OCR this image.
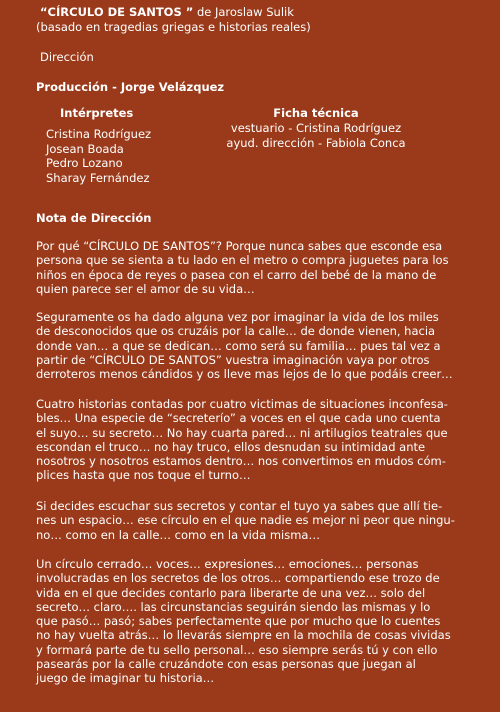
“CÍRCULO DE SANTOS ” de Jaroslaw Sulik
(basado en tragedias griegas e historias reales)
Dirección
Producción - Jorge Velázquez
Intérpretes
Cristina Rodríguez
Josean Boada
Pedro Lozano
Sharay Fernández
Ficha técnica
vestuario - Cristina Rodríguez
ayud. dirección - Fabiola Conca
Nota de Dirección
Por qué “CÍRCULO DE SANTOS”? Porque nunca sabes que esconde esa
persona que se sienta a tu lado en el metro o compra juguetes para los
niños en época de reyes o pasea con el carro del bebé de la mano de
quien parece ser el amor de su vida…
Seguramente os ha dado alguna vez por imaginar la vida de los miles
de desconocidos que os cruzáis por la calle… de donde vienen, hacia
donde van… a que se dedican… como será su familia… pues tal vez a
partir de “CÍRCULO DE SANTOS” vuestra imaginación vaya por otros
derroteros menos cándidos y os lleve mas lejos de lo que podáis creer…
Cuatro historias contadas por cuatro victimas de situaciones inconfesa-
bles… Una especie de “secreterío” a voces en el que cada uno cuenta
el suyo… su secreto… No hay cuarta pared… ni artilugios teatrales que
escondan el truco… no hay truco, ellos desnudan su intimidad ante
nosotros y nosotros estamos dentro… nos convertimos en mudos cóm-
plices hasta que nos toque el turno…
Si decides escuchar sus secretos y contar el tuyo ya sabes que allí tie-
nes un espacio… ese círculo en el que nadie es mejor ni peor que ningu-
no… como en la calle… como en la vida misma…
Un círculo cerrado… voces… expresiones… emociones… personas
involucradas en los secretos de los otros… compartiendo ese trozo de
vida en el que decides contarlo para liberarte de una vez… solo del
secreto… claro…. las circunstancias seguirán siendo las mismas y lo
que pasó… pasó; sabes perfectamente que por mucho que lo cuentes
no hay vuelta atrás… lo llevarás siempre en la mochila de cosas vividas
y formará parte de tu sello personal… eso siempre serás tú y con ello
pasearás por la calle cruzándote con esas personas que juegan al
juego de imaginar tu historia…
